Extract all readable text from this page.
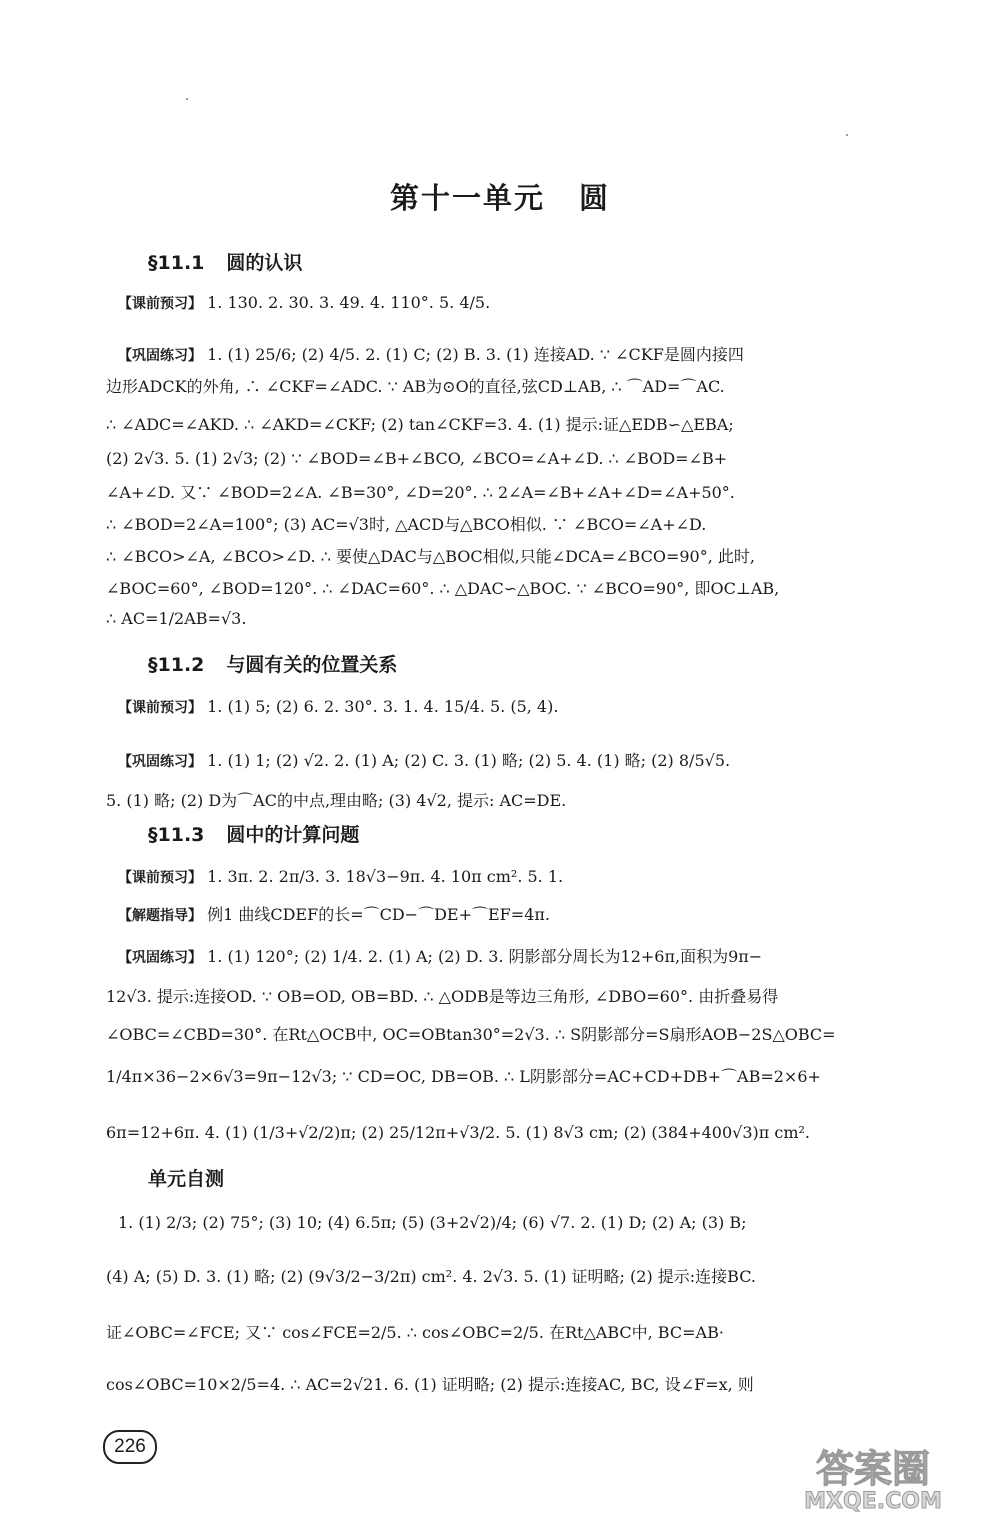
第十一单元 圆
§11.1 圆的认识
【课前预习】 1. 130. 2. 30. 3. 49. 4. 110°. 5. 4/5.
【巩固练习】 1. (1) 25/6; (2) 4/5. 2. (1) C; (2) B. 3. (1) 连接AD. ∵ ∠CKF是圆内接四
边形ADCK的外角, ∴ ∠CKF=∠ADC. ∵ AB为⊙O的直径,弦CD⊥AB, ∴ ⌒AD=⌒AC.
∴ ∠ADC=∠AKD. ∴ ∠AKD=∠CKF; (2) tan∠CKF=3. 4. (1) 提示:证△EDB∽△EBA;
(2) 2√3. 5. (1) 2√3; (2) ∵ ∠BOD=∠B+∠BCO, ∠BCO=∠A+∠D. ∴ ∠BOD=∠B+
∠A+∠D. 又∵ ∠BOD=2∠A. ∠B=30°, ∠D=20°. ∴ 2∠A=∠B+∠A+∠D=∠A+50°.
∴ ∠BOD=2∠A=100°; (3) AC=√3时, △ACD与△BCO相似. ∵ ∠BCO=∠A+∠D.
∴ ∠BCO>∠A, ∠BCO>∠D. ∴ 要使△DAC与△BOC相似,只能∠DCA=∠BCO=90°, 此时,
∠BOC=60°, ∠BOD=120°. ∴ ∠DAC=60°. ∴ △DAC∽△BOC. ∵ ∠BCO=90°, 即OC⊥AB,
∴ AC=1/2AB=√3.
§11.2 与圆有关的位置关系
【课前预习】 1. (1) 5; (2) 6. 2. 30°. 3. 1. 4. 15/4. 5. (5, 4).
【巩固练习】 1. (1) 1; (2) √2. 2. (1) A; (2) C. 3. (1) 略; (2) 5. 4. (1) 略; (2) 8/5√5.
5. (1) 略; (2) D为⌒AC的中点,理由略; (3) 4√2, 提示: AC=DE.
§11.3 圆中的计算问题
【课前预习】 1. 3π. 2. 2π/3. 3. 18√3−9π. 4. 10π cm². 5. 1.
【解题指导】 例1 曲线CDEF的长=⌒CD−⌒DE+⌒EF=4π.
【巩固练习】 1. (1) 120°; (2) 1/4. 2. (1) A; (2) D. 3. 阴影部分周长为12+6π,面积为9π−
12√3. 提示:连接OD. ∵ OB=OD, OB=BD. ∴ △ODB是等边三角形, ∠DBO=60°. 由折叠易得
∠OBC=∠CBD=30°. 在Rt△OCB中, OC=OBtan30°=2√3. ∴ S阴影部分=S扇形AOB−2S△OBC=
1/4π×36−2×6√3=9π−12√3; ∵ CD=OC, DB=OB. ∴ L阴影部分=AC+CD+DB+⌒AB=2×6+
6π=12+6π. 4. (1) (1/3+√2/2)π; (2) 25/12π+√3/2. 5. (1) 8√3 cm; (2) (384+400√3)π cm².
单元自测
1. (1) 2/3; (2) 75°; (3) 10; (4) 6.5π; (5) (3+2√2)/4; (6) √7. 2. (1) D; (2) A; (3) B;
(4) A; (5) D. 3. (1) 略; (2) (9√3/2−3/2π) cm². 4. 2√3. 5. (1) 证明略; (2) 提示:连接BC.
证∠OBC=∠FCE; 又∵ cos∠FCE=2/5. ∴ cos∠OBC=2/5. 在Rt△ABC中, BC=AB·
cos∠OBC=10×2/5=4. ∴ AC=2√21. 6. (1) 证明略; (2) 提示:连接AC, BC, 设∠F=x, 则
226
答案圈
MXQE.COM
